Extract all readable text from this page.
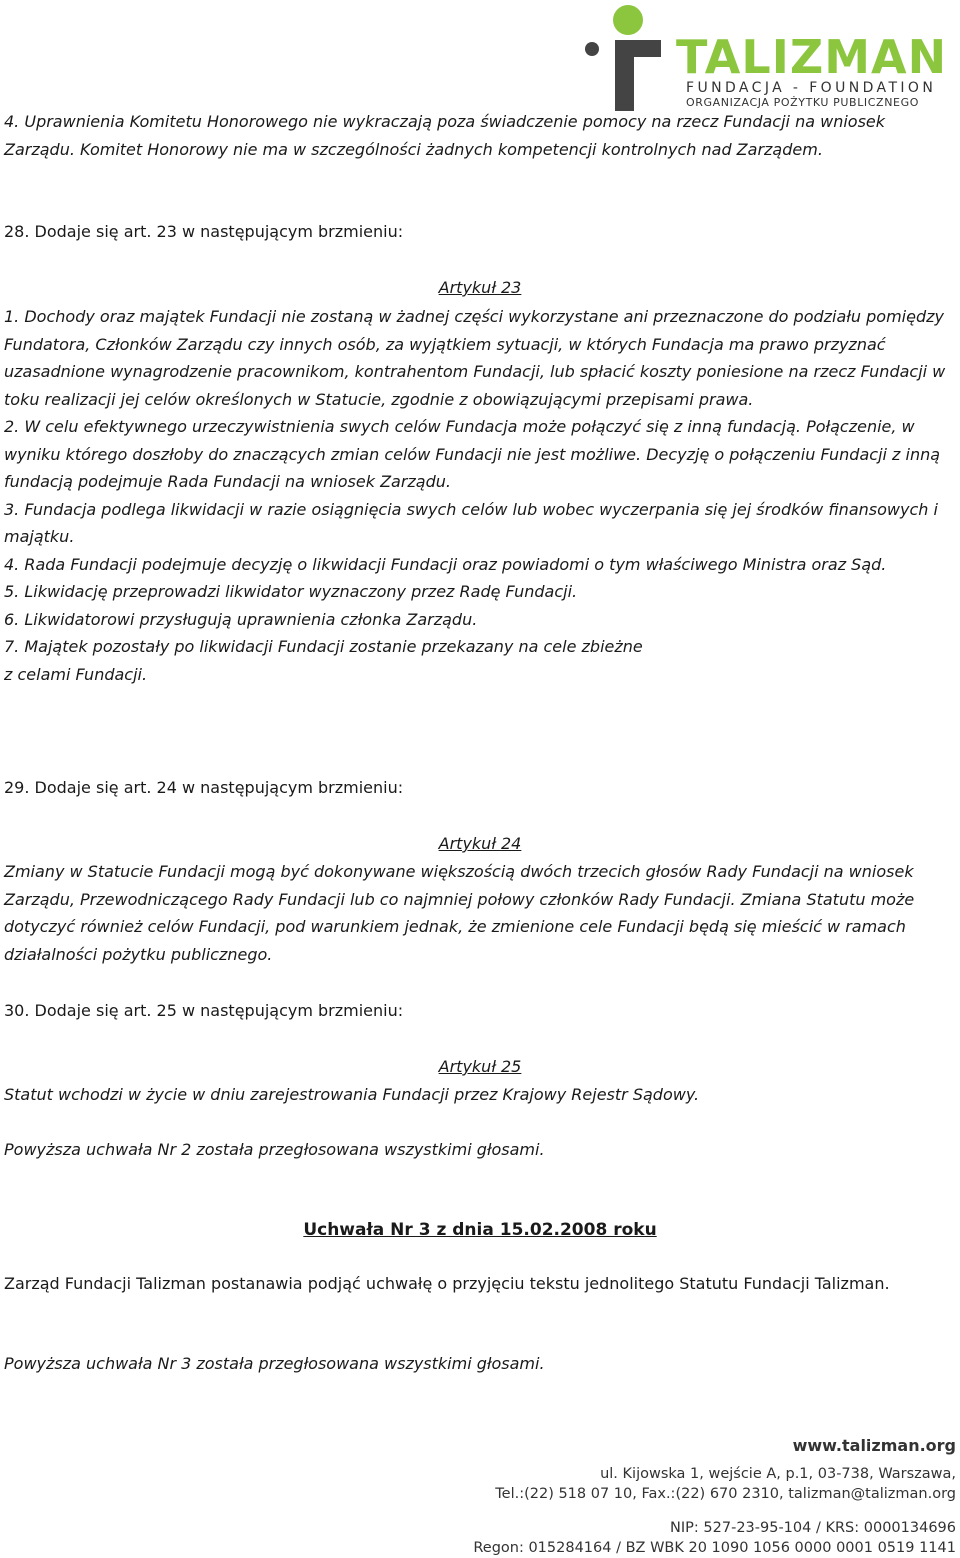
TALIZMAN
FUNDACJA - FOUNDATION
ORGANIZACJA POŻYTKU PUBLICZNEGO
4. Uprawnienia Komitetu Honorowego nie wykraczają poza świadczenie pomocy na rzecz Fundacji na wniosek Zarządu. Komitet Honorowy nie ma w szczególności żadnych kompetencji kontrolnych nad Zarządem.
28. Dodaje się art. 23 w następującym brzmieniu:
Artykuł 23
1. Dochody oraz majątek Fundacji nie zostaną w żadnej części wykorzystane ani przeznaczone do podziału pomiędzy Fundatora, Członków Zarządu czy innych osób, za wyjątkiem sytuacji, w których Fundacja ma prawo przyznać uzasadnione wynagrodzenie pracownikom, kontrahentom Fundacji, lub spłacić koszty poniesione na rzecz Fundacji w toku realizacji jej celów określonych w Statucie, zgodnie z obowiązującymi przepisami prawa.
2. W celu efektywnego urzeczywistnienia swych celów Fundacja może połączyć się z inną fundacją. Połączenie, w wyniku którego doszłoby do znaczących zmian celów Fundacji nie jest możliwe. Decyzję o połączeniu Fundacji z inną fundacją podejmuje Rada Fundacji na wniosek Zarządu.
3. Fundacja podlega likwidacji w razie osiągnięcia swych celów lub wobec wyczerpania się jej środków finansowych i majątku.
4. Rada Fundacji podejmuje decyzję o likwidacji Fundacji oraz powiadomi o tym właściwego Ministra oraz Sąd.
5. Likwidację przeprowadzi likwidator wyznaczony przez Radę Fundacji.
6. Likwidatorowi przysługują uprawnienia członka Zarządu.
7. Majątek pozostały po likwidacji Fundacji zostanie przekazany na cele zbieżne
z celami Fundacji.
29. Dodaje się art. 24 w następującym brzmieniu:
Artykuł 24
Zmiany w Statucie Fundacji mogą być dokonywane większością dwóch trzecich głosów Rady Fundacji na wniosek Zarządu, Przewodniczącego Rady Fundacji lub co najmniej połowy członków Rady Fundacji. Zmiana Statutu może dotyczyć również celów Fundacji, pod warunkiem jednak, że zmienione cele Fundacji będą się mieścić w ramach działalności pożytku publicznego.
30. Dodaje się art. 25 w następującym brzmieniu:
Artykuł 25
Statut wchodzi w życie w dniu zarejestrowania Fundacji przez Krajowy Rejestr Sądowy.
Powyższa uchwała Nr 2 została przegłosowana wszystkimi głosami.
Uchwała Nr 3 z dnia 15.02.2008 roku
Zarząd Fundacji Talizman postanawia podjąć uchwałę o przyjęciu tekstu jednolitego Statutu Fundacji Talizman.
Powyższa uchwała Nr 3 została przegłosowana wszystkimi głosami.
www.talizman.org
ul. Kijowska 1, wejście A, p.1, 03-738, Warszawa,
Tel.:(22) 518 07 10, Fax.:(22) 670 2310, talizman@talizman.org
NIP: 527-23-95-104 / KRS: 0000134696
Regon: 015284164 / BZ WBK 20 1090 1056 0000 0001 0519 1141
